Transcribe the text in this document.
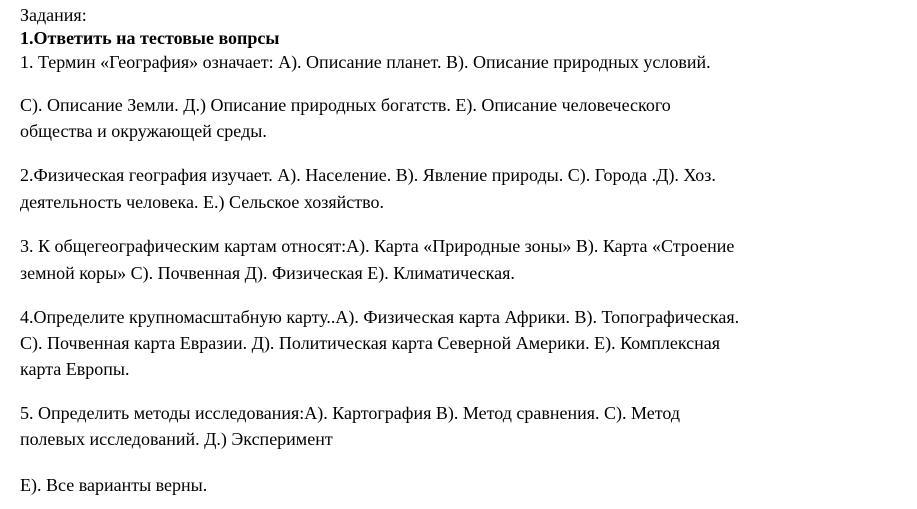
Задания:
1.Ответить на тестовые вопрсы
1. Термин «География» означает: А). Описание планет. В). Описание природных условий.
С). Описание Земли. Д.) Описание природных богатств. Е). Описание человеческого
общества и окружающей среды.
2.Физическая география изучает. А). Население. В). Явление природы. С). Города .Д). Хоз.
деятельность человека. Е.) Сельское хозяйство.
3. К общегеографическим картам относят:А). Карта «Природные зоны» В). Карта «Строение
земной коры» С). Почвенная Д). Физическая Е). Климатическая.
4.Определите крупномасштабную карту..А). Физическая карта Африки. В). Топографическая.
С). Почвенная карта Евразии. Д). Политическая карта Северной Америки. Е). Комплексная
карта Европы.
5. Определить методы исследования:А). Картография В). Метод сравнения. С). Метод
полевых исследований. Д.) Эксперимент
Е). Все варианты верны.
